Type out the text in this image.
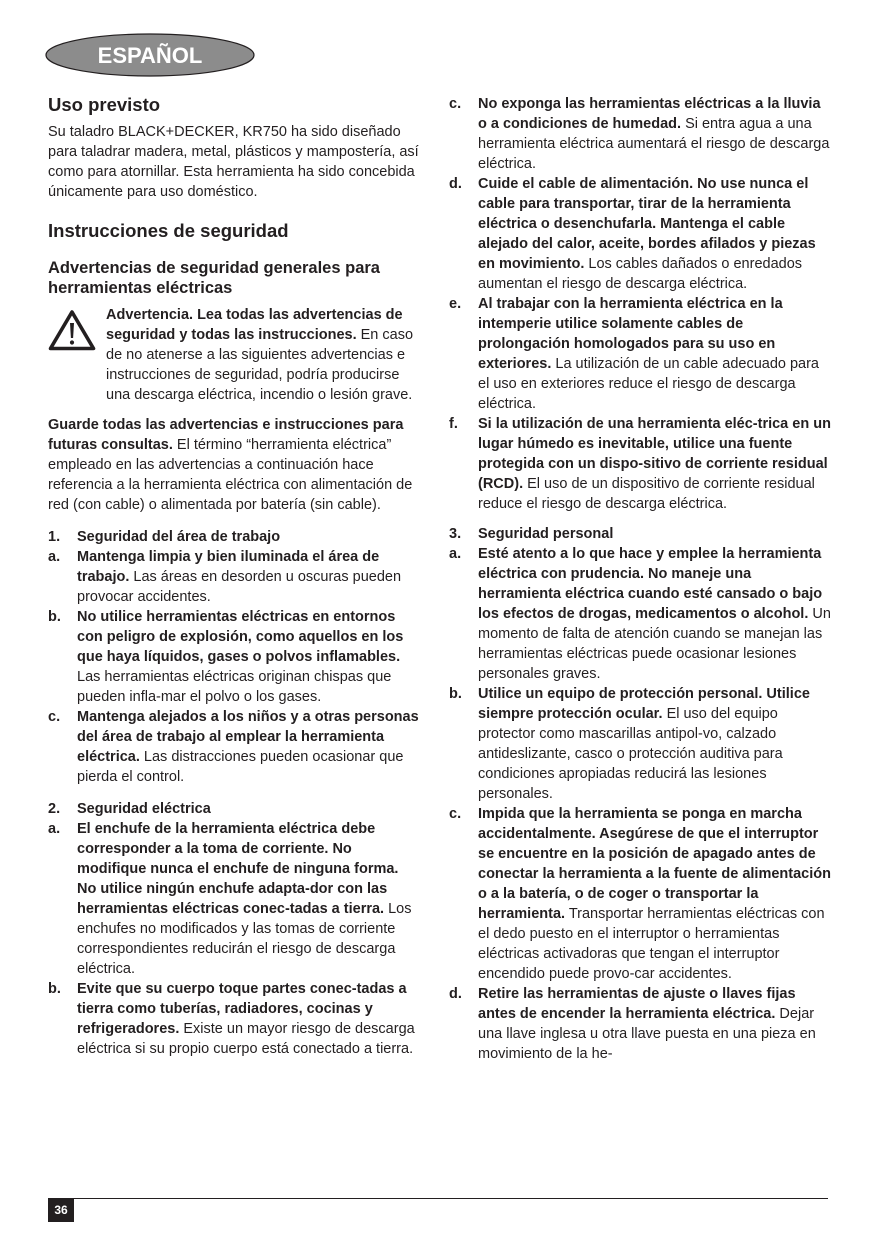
ESPAÑOL
Uso previsto

Su taladro BLACK+DECKER, KR750 ha sido diseñado para taladrar madera, metal, plásticos y mampostería, así como para atornillar. Esta herramienta ha sido concebida únicamente para uso doméstico.

Instrucciones de seguridad
Advertencias de seguridad generales para herramientas eléctricas
Advertencia. Lea todas las advertencias de seguridad y todas las instrucciones. En caso de no atenerse a las siguientes advertencias e instrucciones de seguridad, podría producirse una descarga eléctrica, incendio o lesión grave.

Guarde todas las advertencias e instrucciones para futuras consultas. El término “herramienta eléctrica” empleado en las advertencias a continuación hace referencia a la herramienta eléctrica con alimentación de red (con cable) o alimentada por batería (sin cable).

1.	Seguridad del área de trabajo
a.	Mantenga limpia y bien iluminada el área de trabajo. Las áreas en desorden u oscuras pueden provocar accidentes.
b.	No utilice herramientas eléctricas en entornos con peligro de explosión, como aquellos en los que haya líquidos, gases o polvos inflamables. Las herramientas eléctricas originan chispas que pueden infla-mar el polvo o los gases.
c.	Mantenga alejados a los niños y a otras personas del área de trabajo al emplear la herramienta eléctrica. Las distracciones pueden ocasionar que pierda el control.
2.	Seguridad eléctrica
a.	El enchufe de la herramienta eléctrica debe corresponder a la toma de corriente. No modifique nunca el enchufe de ninguna forma. No utilice ningún enchufe adapta-dor con las herramientas eléctricas conec-tadas a tierra. Los enchufes no modificados y las tomas de corriente correspondientes reducirán el riesgo de descarga eléctrica.
b.	Evite que su cuerpo toque partes conec-tadas a tierra como tuberías, radiadores, cocinas y refrigeradores. Existe un mayor riesgo de descarga eléctrica si su propio cuerpo está conectado a tierra.
c.	No exponga las herramientas eléctricas a la lluvia o a condiciones de humedad. Si entra agua a una herramienta eléctrica aumentará el riesgo de descarga eléctrica.
d.	Cuide el cable de alimentación. No use nunca el cable para transportar, tirar de la herramienta eléctrica o desenchufarla. Mantenga el cable alejado del calor, aceite, bordes afilados y piezas en movimiento. Los cables dañados o enredados aumentan el riesgo de descarga eléctrica.
e.	Al trabajar con la herramienta eléctrica en la intemperie utilice solamente cables de prolongación homologados para su uso en exteriores. La utilización de un cable adecuado para el uso en exteriores reduce el riesgo de descarga eléctrica.
f.	Si la utilización de una herramienta eléc-trica en un lugar húmedo es inevitable, utilice una fuente protegida con un dispo-sitivo de corriente residual (RCD). El uso de un dispositivo de corriente residual reduce el riesgo de descarga eléctrica.
3.	Seguridad personal
a.	Esté atento a lo que hace y emplee la herramienta eléctrica con prudencia. No maneje una herramienta eléctrica cuando esté cansado o bajo los efectos de drogas, medicamentos o alcohol. Un momento de falta de atención cuando se manejan las herramientas eléctricas puede ocasionar lesiones personales graves.
b.	Utilice un equipo de protección personal. Utilice siempre protección ocular. El uso del equipo protector como mascarillas antipol-vo, calzado antideslizante, casco o protección auditiva para condiciones apropiadas reducirá las lesiones personales.
c.	Impida que la herramienta se ponga en marcha accidentalmente. Asegúrese de que el interruptor se encuentre en la posición de apagado antes de conectar la herramienta a la fuente de alimentación o a la batería, o de coger o transportar la herramienta. Transportar herramientas eléctricas con el dedo puesto en el interruptor o herramientas eléctricas activadoras que tengan el interruptor encendido puede provo-car accidentes.
d.	Retire las herramientas de ajuste o llaves fijas antes de encender la herramienta eléctrica. Dejar una llave inglesa u otra llave puesta en una pieza en movimiento de la he-
36
